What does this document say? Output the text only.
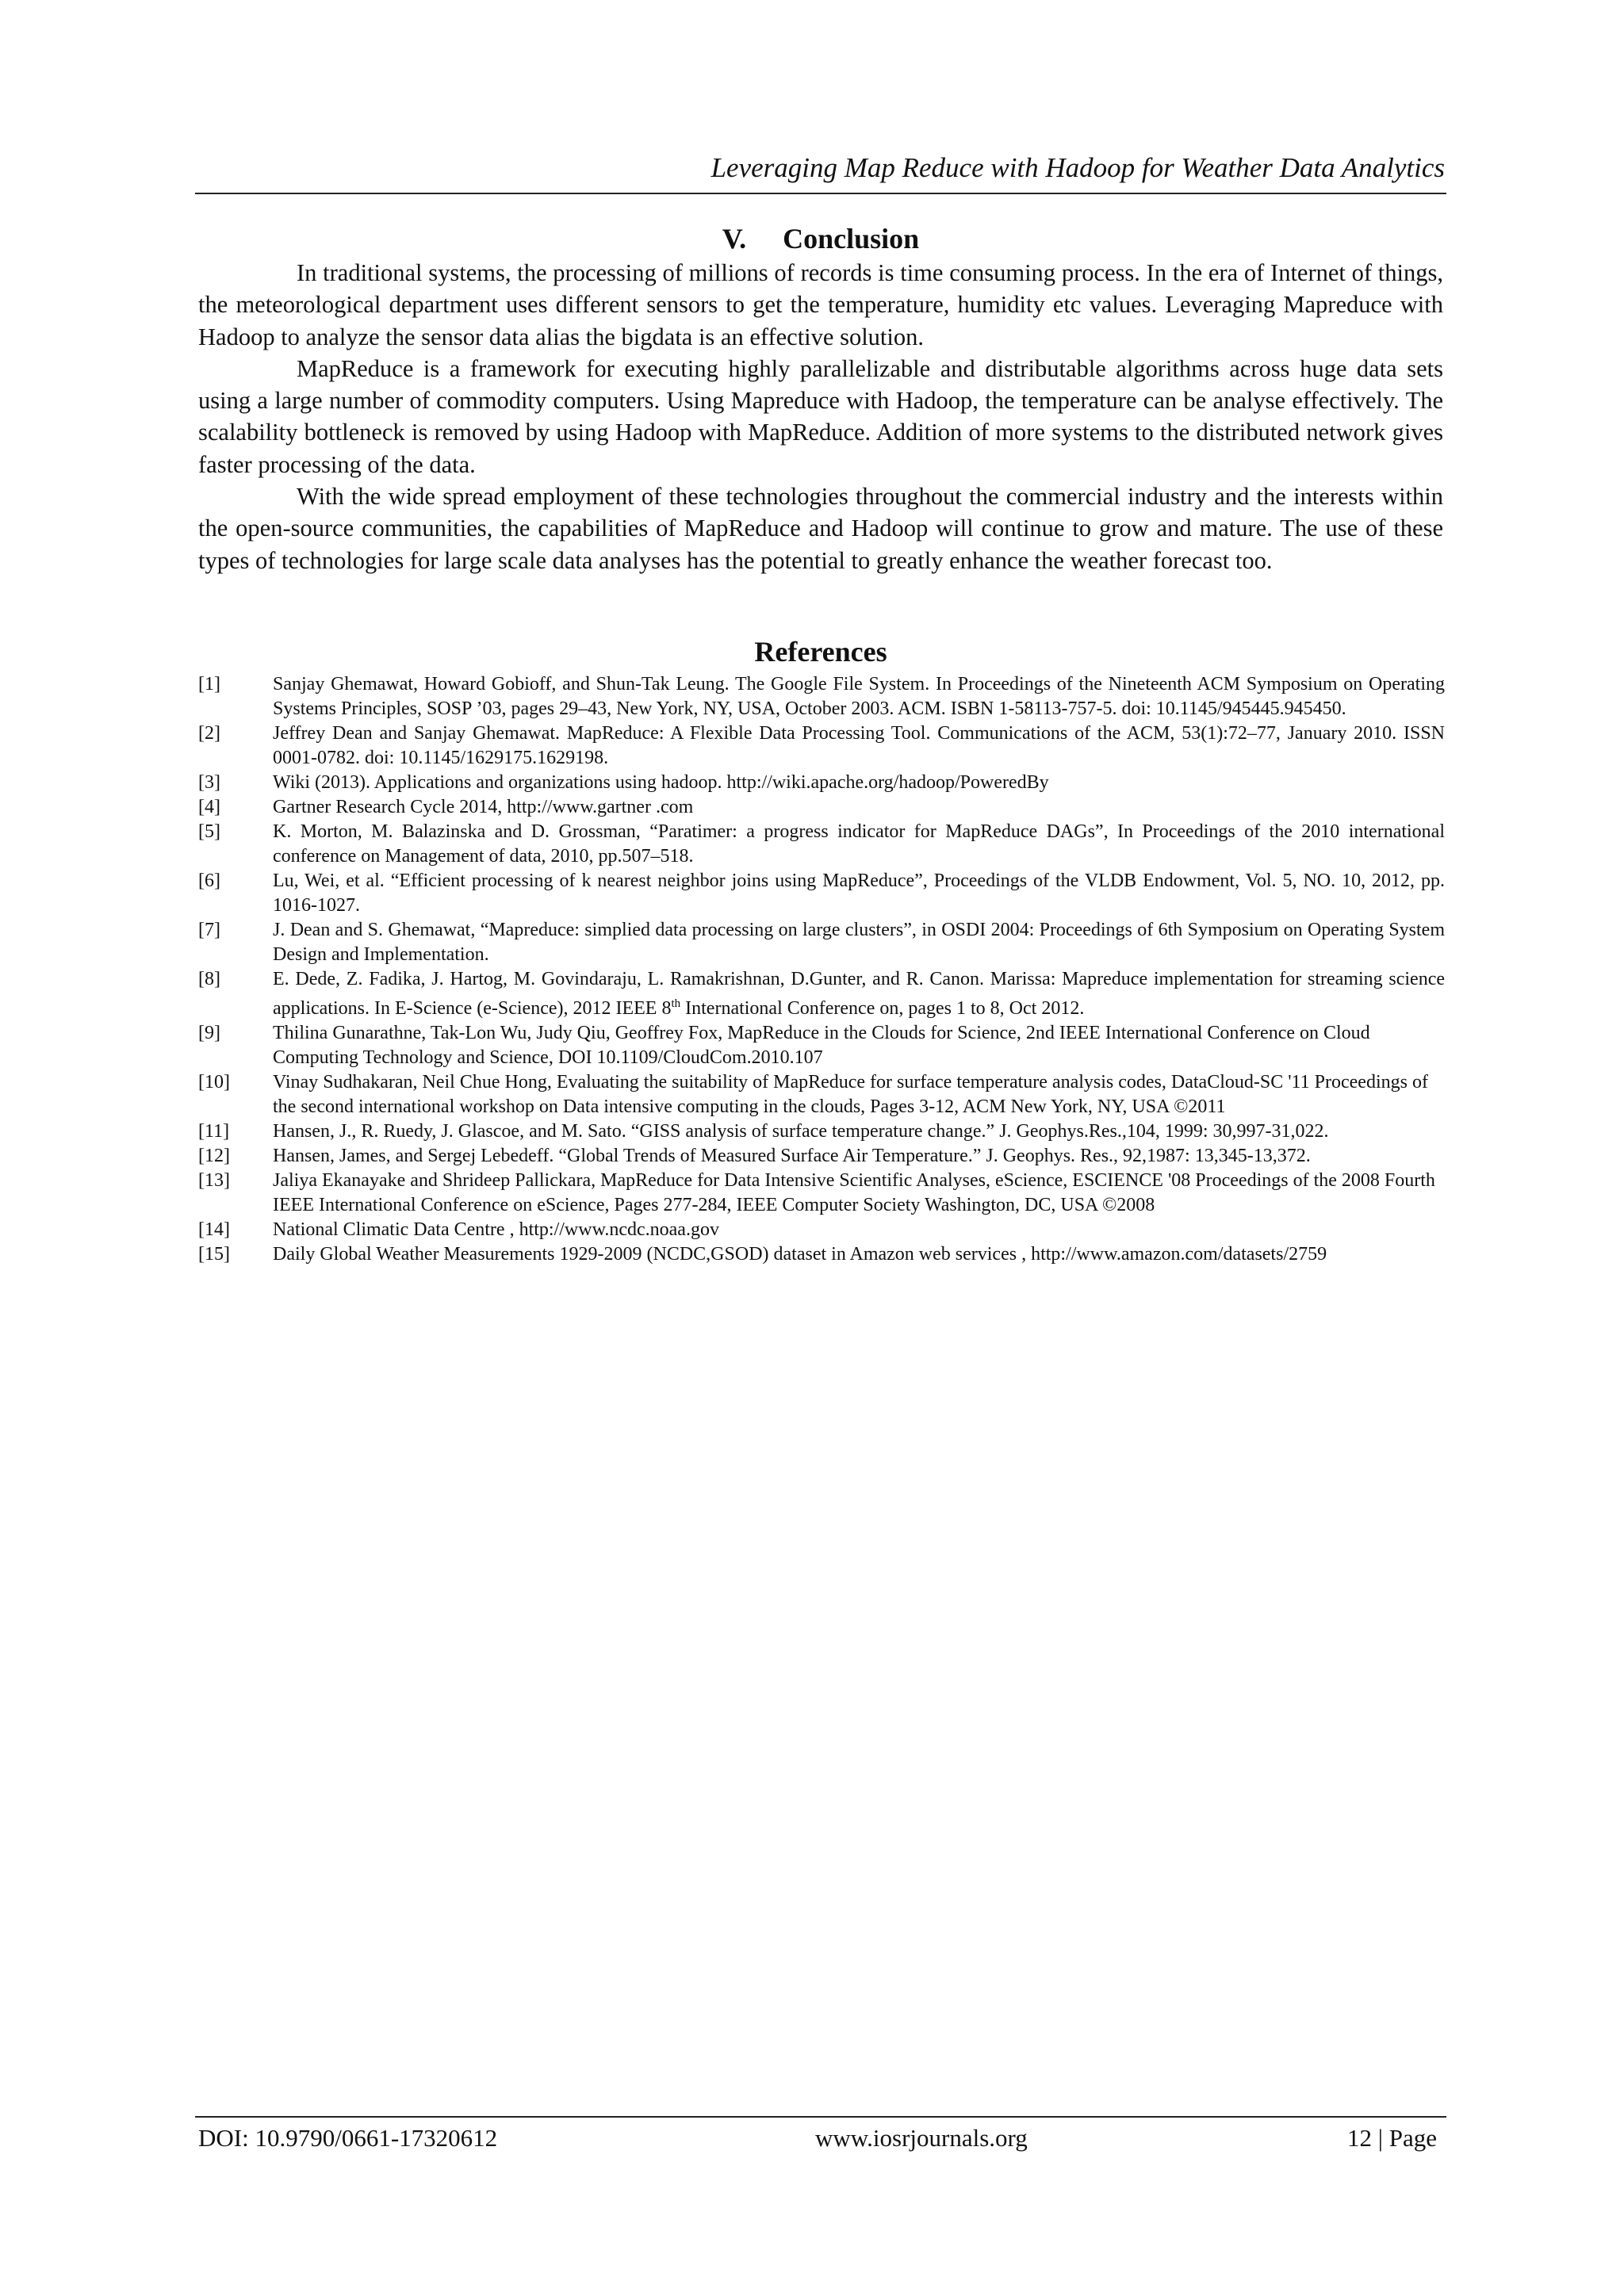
Leveraging Map Reduce with Hadoop for Weather Data Analytics
V. Conclusion

In traditional systems, the processing of millions of records is time consuming process. In the era of Internet of things, the meteorological department uses different sensors to get the temperature, humidity etc values. Leveraging Mapreduce with Hadoop to analyze the sensor data alias the bigdata is an effective solution.

MapReduce is a framework for executing highly parallelizable and distributable algorithms across huge data sets using a large number of commodity computers. Using Mapreduce with Hadoop, the temperature can be analyse effectively. The scalability bottleneck is removed by using Hadoop with MapReduce. Addition of more systems to the distributed network gives faster processing of the data.

With the wide spread employment of these technologies throughout the commercial industry and the interests within the open-source communities, the capabilities of MapReduce and Hadoop will continue to grow and mature. The use of these types of technologies for large scale data analyses has the potential to greatly enhance the weather forecast too.

References
[1]	Sanjay Ghemawat, Howard Gobioff, and Shun-Tak Leung. The Google File System. In Proceedings of the Nineteenth ACM Symposium on Operating Systems Principles, SOSP ’03, pages 29–43, New York, NY, USA, October 2003. ACM. ISBN 1-58113-757-5. doi: 10.1145/945445.945450.
[2]	Jeffrey Dean and Sanjay Ghemawat. MapReduce: A Flexible Data Processing Tool. Communications of the ACM, 53(1):72–77, January 2010. ISSN 0001-0782. doi: 10.1145/1629175.1629198.
[3]	Wiki (2013). Applications and organizations using hadoop. http://wiki.apache.org/hadoop/PoweredBy
[4]	Gartner Research Cycle 2014, http://www.gartner .com
[5]	K. Morton, M. Balazinska and D. Grossman, “Paratimer: a progress indicator for MapReduce DAGs”, In Proceedings of the 2010 international conference on Management of data, 2010, pp.507–518.
[6]	Lu, Wei, et al. “Efficient processing of k nearest neighbor joins using MapReduce”, Proceedings of the VLDB Endowment, Vol. 5, NO. 10, 2012, pp. 1016-1027.
[7]	J. Dean and S. Ghemawat, “Mapreduce: simplied data processing on large clusters”, in OSDI 2004: Proceedings of 6th Symposium on Operating System Design and Implementation.
[8]	E. Dede, Z. Fadika, J. Hartog, M. Govindaraju, L. Ramakrishnan, D.Gunter, and R. Canon. Marissa: Mapreduce implementation for streaming science applications. In E-Science (e-Science), 2012 IEEE 8th International Conference on, pages 1 to 8, Oct 2012.
[9]	Thilina Gunarathne, Tak-Lon Wu, Judy Qiu, Geoffrey Fox, MapReduce in the Clouds for Science, 2nd IEEE International Conference on Cloud Computing Technology and Science, DOI 10.1109/CloudCom.2010.107
[10]	Vinay Sudhakaran, Neil Chue Hong, Evaluating the suitability of MapReduce for surface temperature analysis codes, DataCloud-SC '11 Proceedings of the second international workshop on Data intensive computing in the clouds, Pages 3-12, ACM New York, NY, USA ©2011
[11]	Hansen, J., R. Ruedy, J. Glascoe, and M. Sato. “GISS analysis of surface temperature change.” J. Geophys.Res.,104, 1999: 30,997-31,022.
[12]	Hansen, James, and Sergej Lebedeff. “Global Trends of Measured Surface Air Temperature.” J. Geophys. Res., 92,1987: 13,345-13,372.
[13]	Jaliya Ekanayake and Shrideep Pallickara, MapReduce for Data Intensive Scientific Analyses, eScience, ESCIENCE '08 Proceedings of the 2008 Fourth IEEE International Conference on eScience, Pages 277-284, IEEE Computer Society Washington, DC, USA ©2008
[14]	National Climatic Data Centre , http://www.ncdc.noaa.gov
[15]	Daily Global Weather Measurements 1929-2009 (NCDC,GSOD) dataset in Amazon web services , http://www.amazon.com/datasets/2759
DOI: 10.9790/0661-17320612	www.iosrjournals.org	12 | Page
